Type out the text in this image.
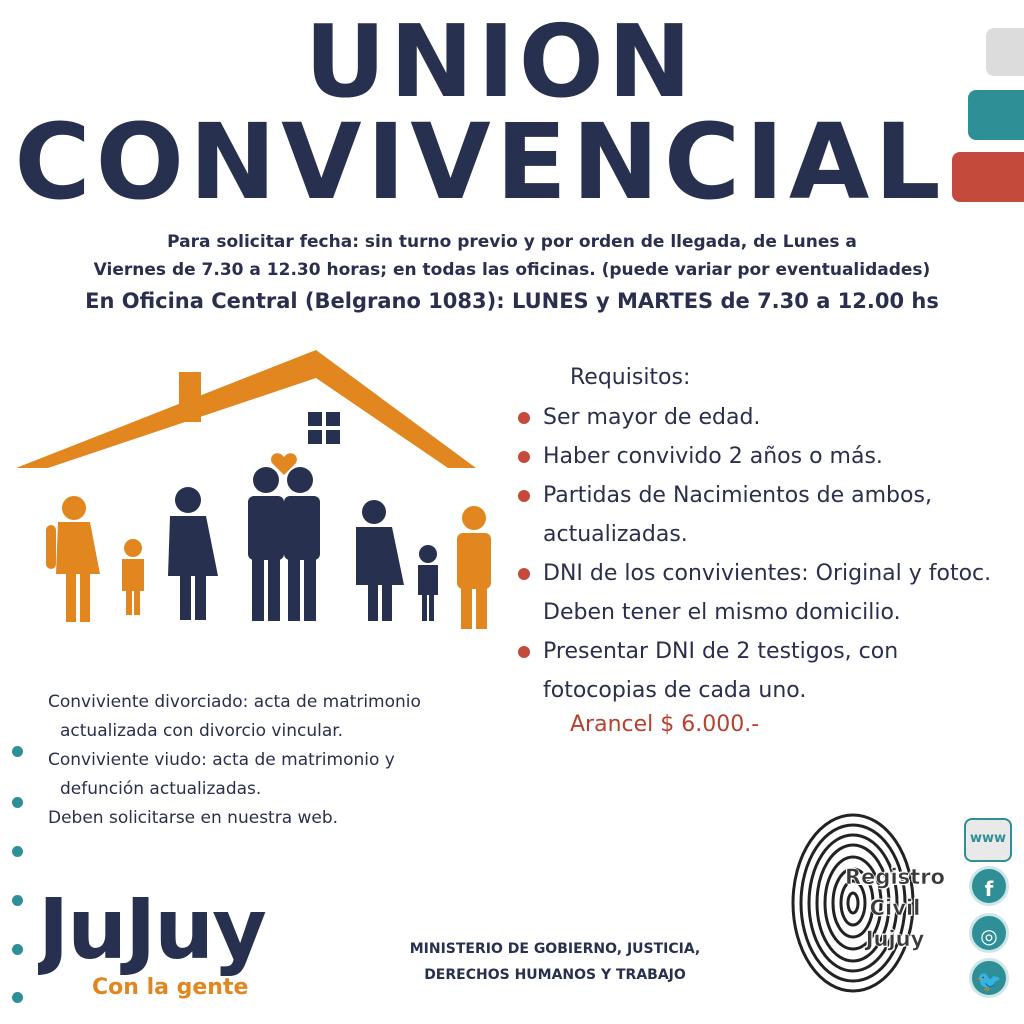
UNION
CONVIVENCIAL
Para solicitar fecha: sin turno previo y por orden de llegada, de Lunes a
Viernes de 7.30 a 12.30 horas; en todas las oficinas. (puede variar por eventualidades)
En Oficina Central (Belgrano 1083): LUNES y MARTES de 7.30 a 12.00 hs
Requisitos:
Ser mayor de edad.
Haber convivido 2 años o más.
Partidas de Nacimientos de ambos, actualizadas.
DNI de los convivientes: Original y fotoc. Deben tener el mismo domicilio.
Presentar DNI de 2 testigos, con fotocopias de cada uno.
Arancel $ 6.000.-
Conviviente divorciado: acta de matrimonio
actualizada con divorcio vincular.
Conviviente viudo: acta de matrimonio y
defunción actualizadas.
Deben solicitarse en nuestra web.
JuJuy
Con la gente
MINISTERIO DE GOBIERNO, JUSTICIA,
DERECHOS HUMANOS Y TRABAJO
Registro
Civil
Jujuy
www
f
◎
🐦
